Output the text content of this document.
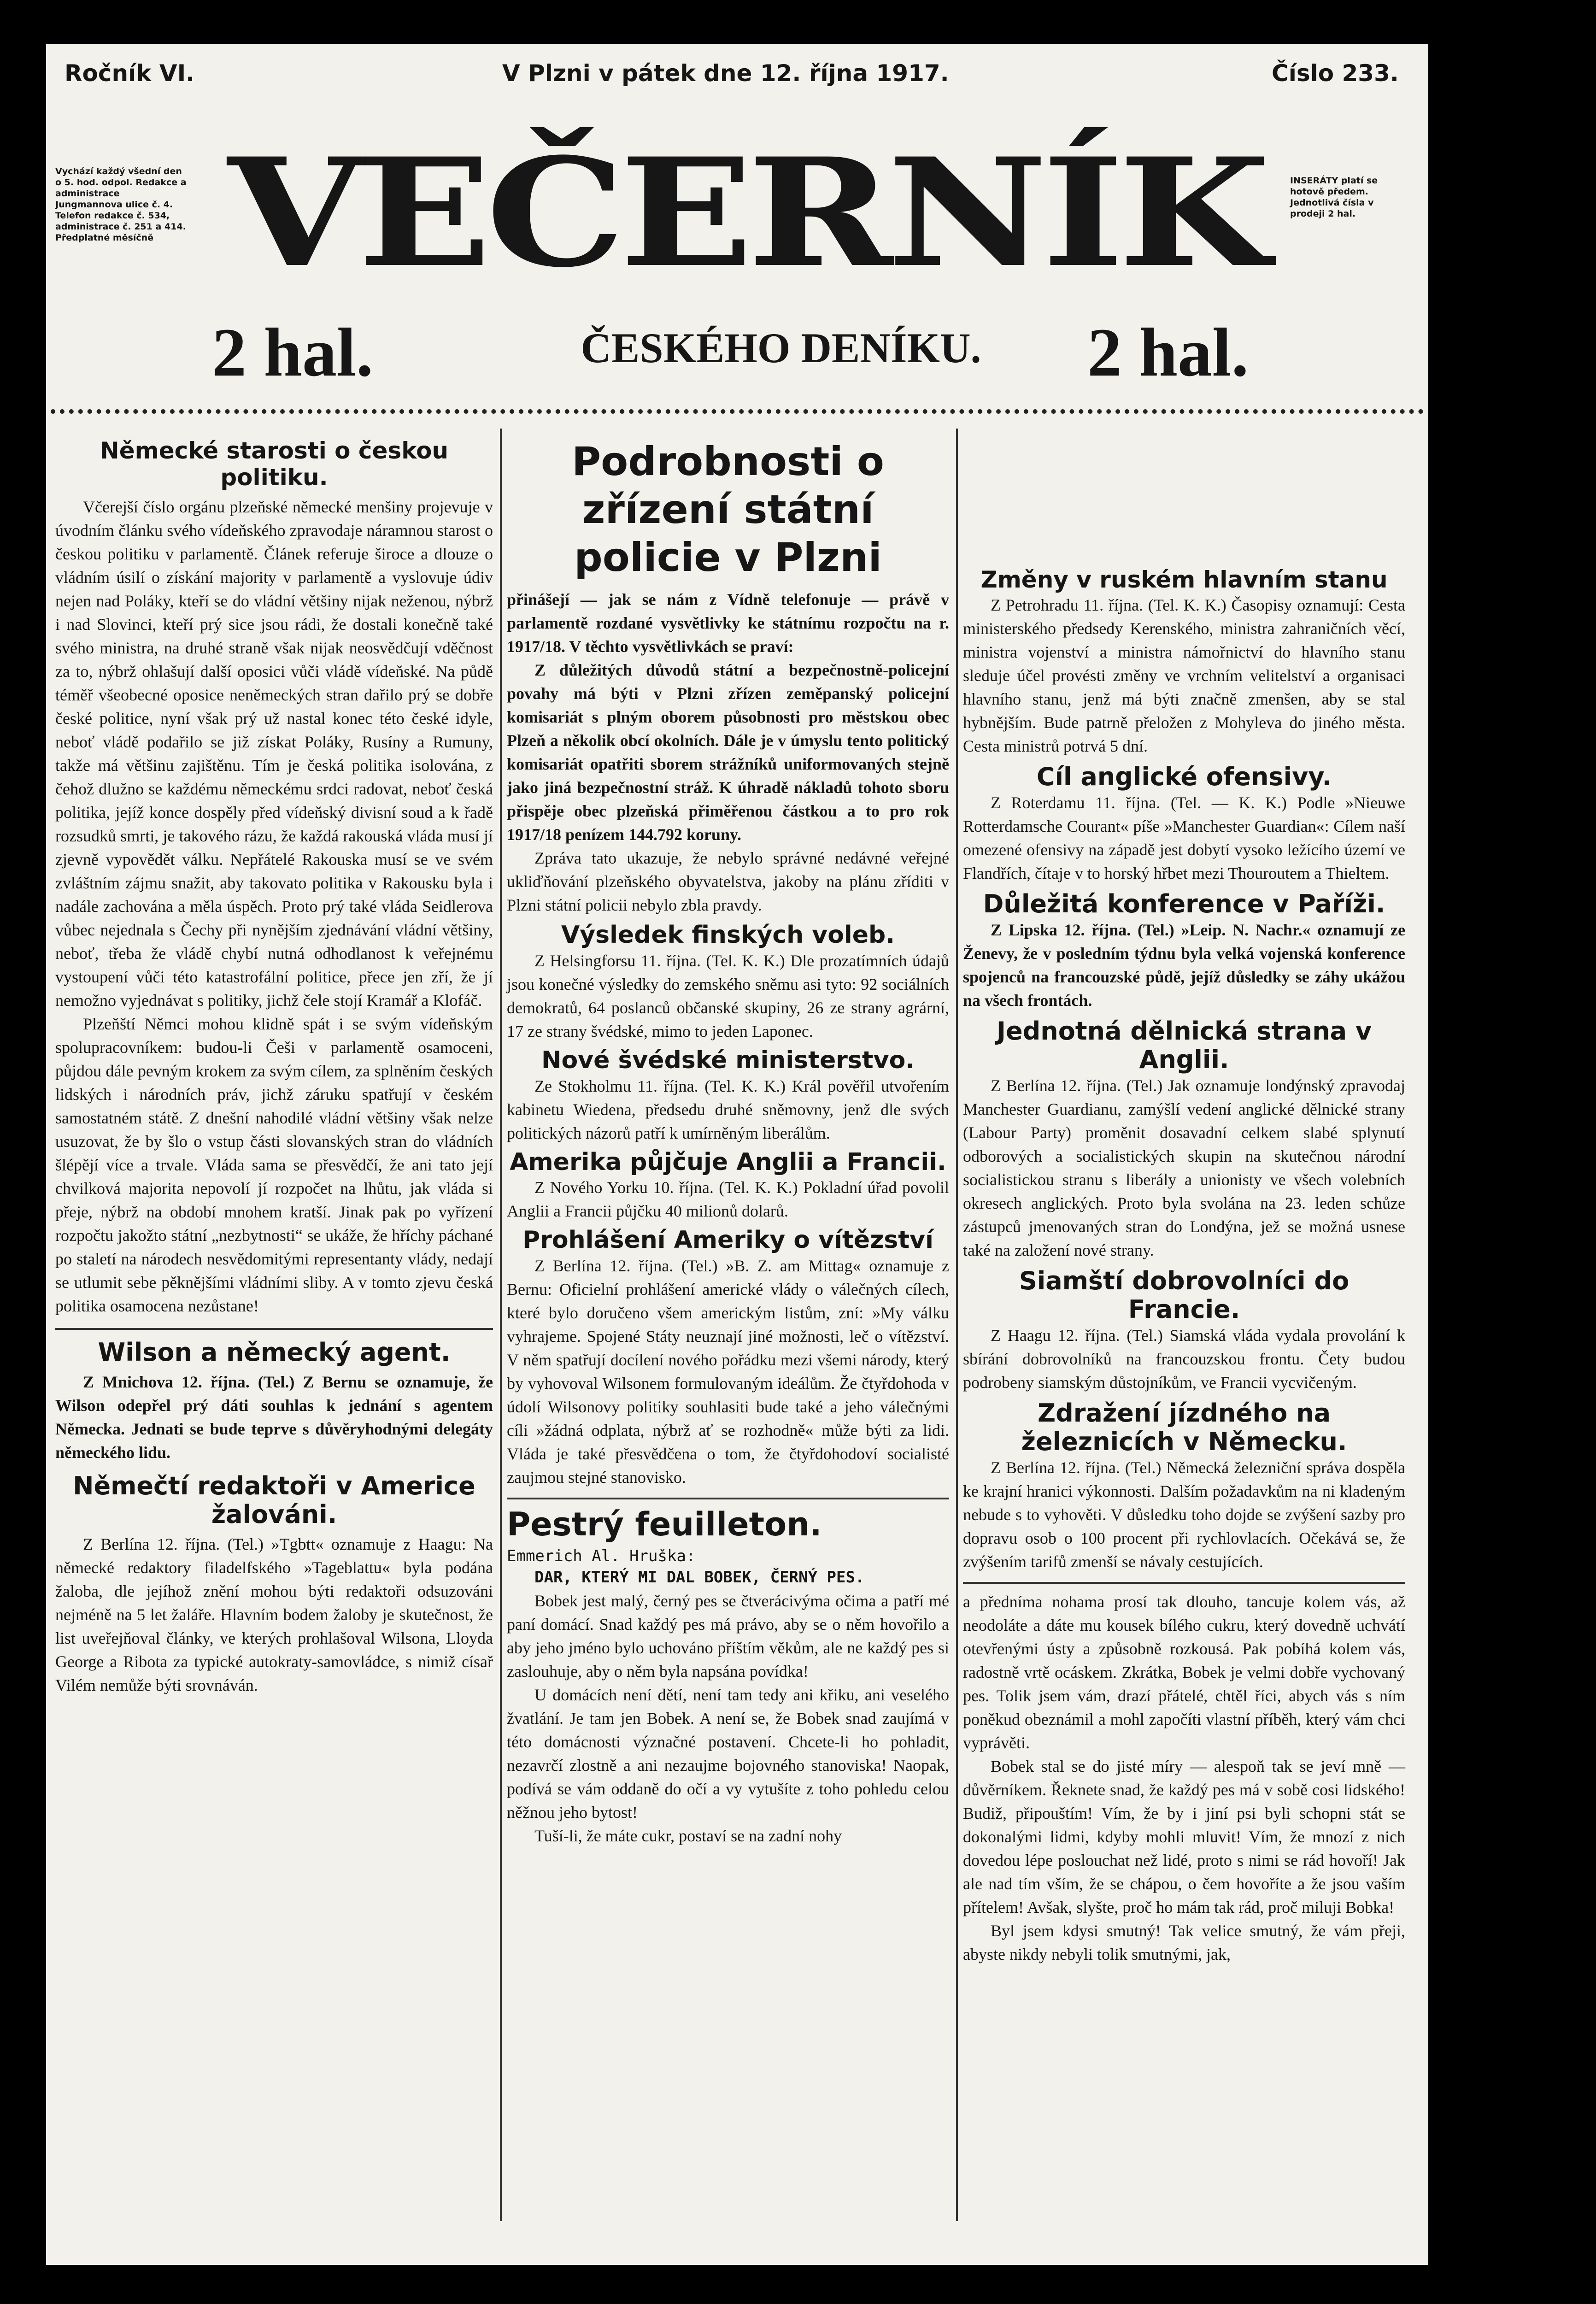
Ročník VI.	V Plzni v pátek dne 12. října 1917.	Číslo 233.
Vychází každý všední den o 5. hod. odpol. Redakce a administrace Jungmannova ulice č. 4. Telefon redakce č. 534, administrace č. 251 a 414. Předplatné měsíčně
INSERÁTY platí se hotově předem. Jednotlivá čísla v prodeji 2 hal.
VEČERNÍK
2 hal.	ČESKÉHO DENÍKU.	2 hal.
Německé starosti o českou politiku.

Včerejší číslo orgánu plzeňské německé menšiny projevuje v úvodním článku svého vídeňského zpravodaje náramnou starost o českou politiku v parlamentě. Článek referuje široce a dlouze o vládním úsilí o získání majority v parlamentě a vyslovuje údiv nejen nad Poláky, kteří se do vládní většiny nijak neženou, nýbrž i nad Slovinci, kteří prý sice jsou rádi, že dostali konečně také svého ministra, na druhé straně však nijak neosvědčují vděčnost za to, nýbrž ohlašují další oposici vůči vládě vídeňské. Na půdě téměř všeobecné oposice neněmeckých stran dařilo prý se dobře české politice, nyní však prý už nastal konec této české idyle, neboť vládě podařilo se již získat Poláky, Rusíny a Rumuny, takže má většinu zajištěnu. Tím je česká politika isolována, z čehož dlužno se každému německému srdci radovat, neboť česká politika, jejíž konce dospěly před vídeňský divisní soud a k řadě rozsudků smrti, je takového rázu, že každá rakouská vláda musí jí zjevně vypovědět válku. Nepřátelé Rakouska musí se ve svém zvláštním zájmu snažit, aby takovato politika v Rakousku byla i nadále zachována a měla úspěch. Proto prý také vláda Seidlerova vůbec nejednala s Čechy při nynějším zjednávání vládní většiny, neboť, třeba že vládě chybí nutná odhodlanost k veřejnému vystoupení vůči této katastrofální politice, přece jen zří, že jí nemožno vyjednávat s politiky, jichž čele stojí Kramář a Klofáč.

Plzeňští Němci mohou klidně spát i se svým vídeňským spolupracovníkem: budou-li Češi v parlamentě osamoceni, půjdou dále pevným krokem za svým cílem, za splněním českých lidských i národních práv, jichž záruku spatřují v českém samostatném státě. Z dnešní nahodilé vládní většiny však nelze usuzovat, že by šlo o vstup části slovanských stran do vládních šlépějí více a trvale. Vláda sama se přesvědčí, že ani tato její chvilková majorita nepovolí jí rozpočet na lhůtu, jak vláda si přeje, nýbrž na období mnohem kratší. Jinak pak po vyřízení rozpočtu jakožto státní „nezbytnosti“ se ukáže, že hříchy páchané po staletí na národech nesvědomitými representanty vlády, nedají se utlumit sebe pěknějšími vládními sliby. A v tomto zjevu česká politika osamocena nezůstane!

Wilson a německý agent.

Z Mnichova 12. října. (Tel.) Z Bernu se oznamuje, že Wilson odepřel prý dáti souhlas k jednání s agentem Německa. Jednati se bude teprve s důvěryhodnými delegáty německého lidu.

Němečtí redaktoři v Americe žalováni.

Z Berlína 12. října. (Tel.) »Tgbtt« oznamuje z Haagu: Na německé redaktory filadelfského »Tageblattu« byla podána žaloba, dle jejíhož znění mohou býti redaktoři odsuzováni nejméně na 5 let žaláře. Hlavním bodem žaloby je skutečnost, že list uveřejňoval články, ve kterých prohlašoval Wilsona, Lloyda George a Ribota za typické autokraty-samovládce, s nimiž císař Vilém nemůže býti srovnáván.

Podrobnosti o zřízení státní policie v Plzni

přinášejí — jak se nám z Vídně telefonuje — právě v parlamentě rozdané vysvětlivky ke státnímu rozpočtu na r. 1917/18. V těchto vysvětlivkách se praví:

Z důležitých důvodů státní a bezpečnostně-policejní povahy má býti v Plzni zřízen zeměpanský policejní komisariát s plným oborem působnosti pro městskou obec Plzeň a několik obcí okolních. Dále je v úmyslu tento politický komisariát opatřiti sborem strážníků uniformovaných stejně jako jiná bezpečnostní stráž. K úhradě nákladů tohoto sboru přispěje obec plzeňská přiměřenou částkou a to pro rok 1917/18 penízem 144.792 koruny.

Zpráva tato ukazuje, že nebylo správné nedávné veřejné ukliďňování plzeňského obyvatelstva, jakoby na plánu zříditi v Plzni státní policii nebylo zbla pravdy.

Výsledek finských voleb.

Z Helsingforsu 11. října. (Tel. K. K.) Dle prozatímních údajů jsou konečné výsledky do zemského sněmu asi tyto: 92 sociálních demokratů, 64 poslanců občanské skupiny, 26 ze strany agrární, 17 ze strany švédské, mimo to jeden Laponec.

Nové švédské ministerstvo.

Ze Stokholmu 11. října. (Tel. K. K.) Král pověřil utvořením kabinetu Wiedena, předsedu druhé sněmovny, jenž dle svých politických názorů patří k umírněným liberálům.

Amerika půjčuje Anglii a Francii.

Z Nového Yorku 10. října. (Tel. K. K.) Pokladní úřad povolil Anglii a Francii půjčku 40 milionů dolarů.

Prohlášení Ameriky o vítězství

Z Berlína 12. října. (Tel.) »B. Z. am Mittag« oznamuje z Bernu: Oficielní prohlášení americké vlády o válečných cílech, které bylo doručeno všem americkým listům, zní: »My válku vyhrajeme. Spojené Státy neuznají jiné možnosti, leč o vítězství. V něm spatřují docílení nového pořádku mezi všemi národy, který by vyhovoval Wilsonem formulovaným ideálům. Že čtyřdohoda v údolí Wilsonovy politiky souhlasiti bude také a jeho válečnými cíli »žádná odplata, nýbrž ať se rozhodně« může býti za lidi. Vláda je také přesvědčena o tom, že čtyřdohodoví socialisté zaujmou stejné stanovisko.

Pestrý feuilleton.
Emmerich Al. Hruška:
DAR, KTERÝ MI DAL BOBEK, ČERNÝ PES.

Bobek jest malý, černý pes se čtverácivýma očima a patří mé paní domácí. Snad každý pes má právo, aby se o něm hovořilo a aby jeho jméno bylo uchováno příštím věkům, ale ne každý pes si zaslouhuje, aby o něm byla napsána povídka!

U domácích není dětí, není tam tedy ani křiku, ani veselého žvatlání. Je tam jen Bobek. A není se, že Bobek snad zaujímá v této domácnosti význačné postavení. Chcete-li ho pohladit, nezavrčí zlostně a ani nezaujme bojovného stanoviska! Naopak, podívá se vám oddaně do očí a vy vytušíte z toho pohledu celou něžnou jeho bytost!

Tuší-li, že máte cukr, postaví se na zadní nohy

Změny v ruském hlavním stanu

Z Petrohradu 11. října. (Tel. K. K.) Časopisy oznamují: Cesta ministerského předsedy Kerenského, ministra zahraničních věcí, ministra vojenství a ministra námořnictví do hlavního stanu sleduje účel provésti změny ve vrchním velitelství a organisaci hlavního stanu, jenž má býti značně zmenšen, aby se stal hybnějším. Bude patrně přeložen z Mohyleva do jiného města. Cesta ministrů potrvá 5 dní.

Cíl anglické ofensivy.

Z Roterdamu 11. října. (Tel. — K. K.) Podle »Nieuwe Rotterdamsche Courant« píše »Manchester Guardian«: Cílem naší omezené ofensivy na západě jest dobytí vysoko ležícího území ve Flandřích, čítaje v to horský hřbet mezi Thouroutem a Thieltem.

Důležitá konference v Paříži.

Z Lipska 12. října. (Tel.) »Leip. N. Nachr.« oznamují ze Ženevy, že v posledním týdnu byla velká vojenská konference spojenců na francouzské půdě, jejíž důsledky se záhy ukážou na všech frontách.

Jednotná dělnická strana v Anglii.

Z Berlína 12. října. (Tel.) Jak oznamuje londýnský zpravodaj Manchester Guardianu, zamýšlí vedení anglické dělnické strany (Labour Party) proměnit dosavadní celkem slabé splynutí odborových a socialistických skupin na skutečnou národní socialistickou stranu s liberály a unionisty ve všech volebních okresech anglických. Proto byla svolána na 23. leden schůze zástupců jmenovaných stran do Londýna, jež se možná usnese také na založení nové strany.

Siamští dobrovolníci do Francie.

Z Haagu 12. října. (Tel.) Siamská vláda vydala provolání k sbírání dobrovolníků na francouzskou frontu. Čety budou podrobeny siamským důstojníkům, ve Francii vycvičeným.

Zdražení jízdného na železnicích v Německu.

Z Berlína 12. října. (Tel.) Německá železniční správa dospěla ke krajní hranici výkonnosti. Dalším požadavkům na ni kladeným nebude s to vyhověti. V důsledku toho dojde se zvýšení sazby pro dopravu osob o 100 procent při rychlovlacích. Očekává se, že zvýšením tarifů zmenší se návaly cestujících.

a předníma nohama prosí tak dlouho, tancuje kolem vás, až neodoláte a dáte mu kousek bílého cukru, který dovedně uchvátí otevřenými ústy a způsobně rozkousá. Pak pobíhá kolem vás, radostně vrtě ocáskem. Zkrátka, Bobek je velmi dobře vychovaný pes. Tolik jsem vám, drazí přátelé, chtěl říci, abych vás s ním poněkud obeznámil a mohl započíti vlastní příběh, který vám chci vyprávěti.

Bobek stal se do jisté míry — alespoň tak se jeví mně — důvěrníkem. Řeknete snad, že každý pes má v sobě cosi lidského! Budiž, připouštím! Vím, že by i jiní psi byli schopni stát se dokonalými lidmi, kdyby mohli mluvit! Vím, že mnozí z nich dovedou lépe poslouchat než lidé, proto s nimi se rád hovoří! Jak ale nad tím vším, že se chápou, o čem hovoříte a že jsou vaším přítelem! Avšak, slyšte, proč ho mám tak rád, proč miluji Bobka!

Byl jsem kdysi smutný! Tak velice smutný, že vám přeji, abyste nikdy nebyli tolik smutnými, jak,
